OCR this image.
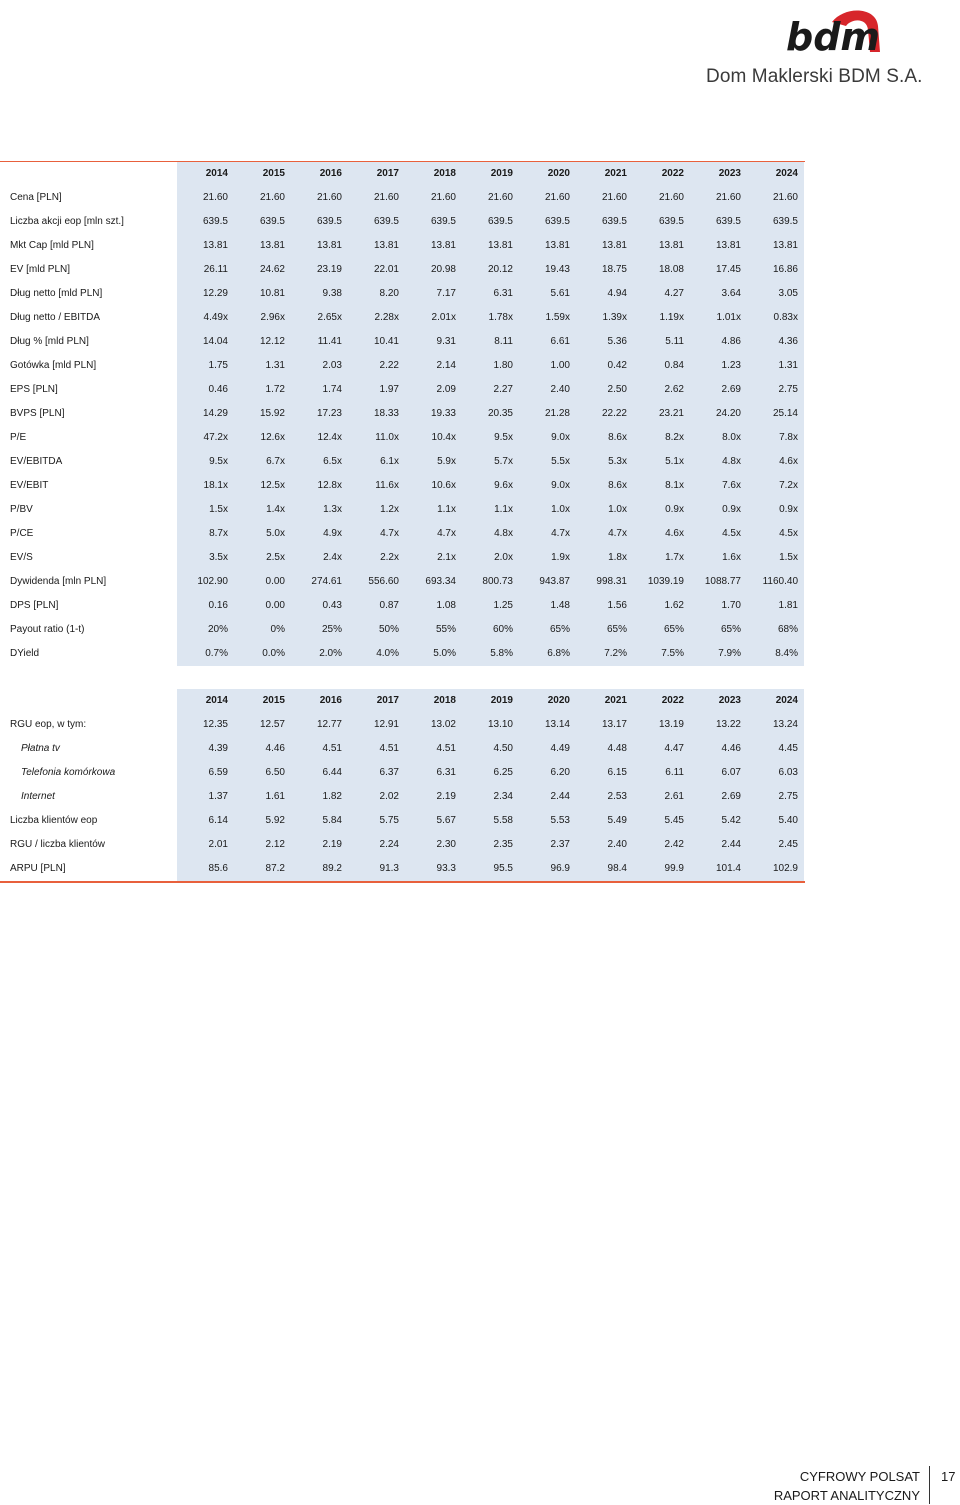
bdm
Dom Maklerski BDM S.A.
2014	2015	2016	2017	2018	2019	2020	2021	2022	2023	2024
Cena [PLN]	21.60	21.60	21.60	21.60	21.60	21.60	21.60	21.60	21.60	21.60	21.60
Liczba akcji eop [mln szt.]	639.5	639.5	639.5	639.5	639.5	639.5	639.5	639.5	639.5	639.5	639.5
Mkt Cap [mld PLN]	13.81	13.81	13.81	13.81	13.81	13.81	13.81	13.81	13.81	13.81	13.81
EV [mld PLN]	26.11	24.62	23.19	22.01	20.98	20.12	19.43	18.75	18.08	17.45	16.86
Dług netto [mld PLN]	12.29	10.81	9.38	8.20	7.17	6.31	5.61	4.94	4.27	3.64	3.05
Dług netto / EBITDA	4.49x	2.96x	2.65x	2.28x	2.01x	1.78x	1.59x	1.39x	1.19x	1.01x	0.83x
Dług % [mld PLN]	14.04	12.12	11.41	10.41	9.31	8.11	6.61	5.36	5.11	4.86	4.36
Gotówka [mld PLN]	1.75	1.31	2.03	2.22	2.14	1.80	1.00	0.42	0.84	1.23	1.31
EPS [PLN]	0.46	1.72	1.74	1.97	2.09	2.27	2.40	2.50	2.62	2.69	2.75
BVPS [PLN]	14.29	15.92	17.23	18.33	19.33	20.35	21.28	22.22	23.21	24.20	25.14
P/E	47.2x	12.6x	12.4x	11.0x	10.4x	9.5x	9.0x	8.6x	8.2x	8.0x	7.8x
EV/EBITDA	9.5x	6.7x	6.5x	6.1x	5.9x	5.7x	5.5x	5.3x	5.1x	4.8x	4.6x
EV/EBIT	18.1x	12.5x	12.8x	11.6x	10.6x	9.6x	9.0x	8.6x	8.1x	7.6x	7.2x
P/BV	1.5x	1.4x	1.3x	1.2x	1.1x	1.1x	1.0x	1.0x	0.9x	0.9x	0.9x
P/CE	8.7x	5.0x	4.9x	4.7x	4.7x	4.8x	4.7x	4.7x	4.6x	4.5x	4.5x
EV/S	3.5x	2.5x	2.4x	2.2x	2.1x	2.0x	1.9x	1.8x	1.7x	1.6x	1.5x
Dywidenda [mln PLN]	102.90	0.00	274.61	556.60	693.34	800.73	943.87	998.31	1039.19	1088.77	1160.40
DPS [PLN]	0.16	0.00	0.43	0.87	1.08	1.25	1.48	1.56	1.62	1.70	1.81
Payout ratio (1-t)	20%	0%	25%	50%	55%	60%	65%	65%	65%	65%	68%
DYield	0.7%	0.0%	2.0%	4.0%	5.0%	5.8%	6.8%	7.2%	7.5%	7.9%	8.4%
2014	2015	2016	2017	2018	2019	2020	2021	2022	2023	2024
RGU eop, w tym:	12.35	12.57	12.77	12.91	13.02	13.10	13.14	13.17	13.19	13.22	13.24
Płatna tv	4.39	4.46	4.51	4.51	4.51	4.50	4.49	4.48	4.47	4.46	4.45
Telefonia komórkowa	6.59	6.50	6.44	6.37	6.31	6.25	6.20	6.15	6.11	6.07	6.03
Internet	1.37	1.61	1.82	2.02	2.19	2.34	2.44	2.53	2.61	2.69	2.75
Liczba klientów eop	6.14	5.92	5.84	5.75	5.67	5.58	5.53	5.49	5.45	5.42	5.40
RGU / liczba klientów	2.01	2.12	2.19	2.24	2.30	2.35	2.37	2.40	2.42	2.44	2.45
ARPU [PLN]	85.6	87.2	89.2	91.3	93.3	95.5	96.9	98.4	99.9	101.4	102.9
CYFROWY POLSAT
RAPORT ANALITYCZNY
17
